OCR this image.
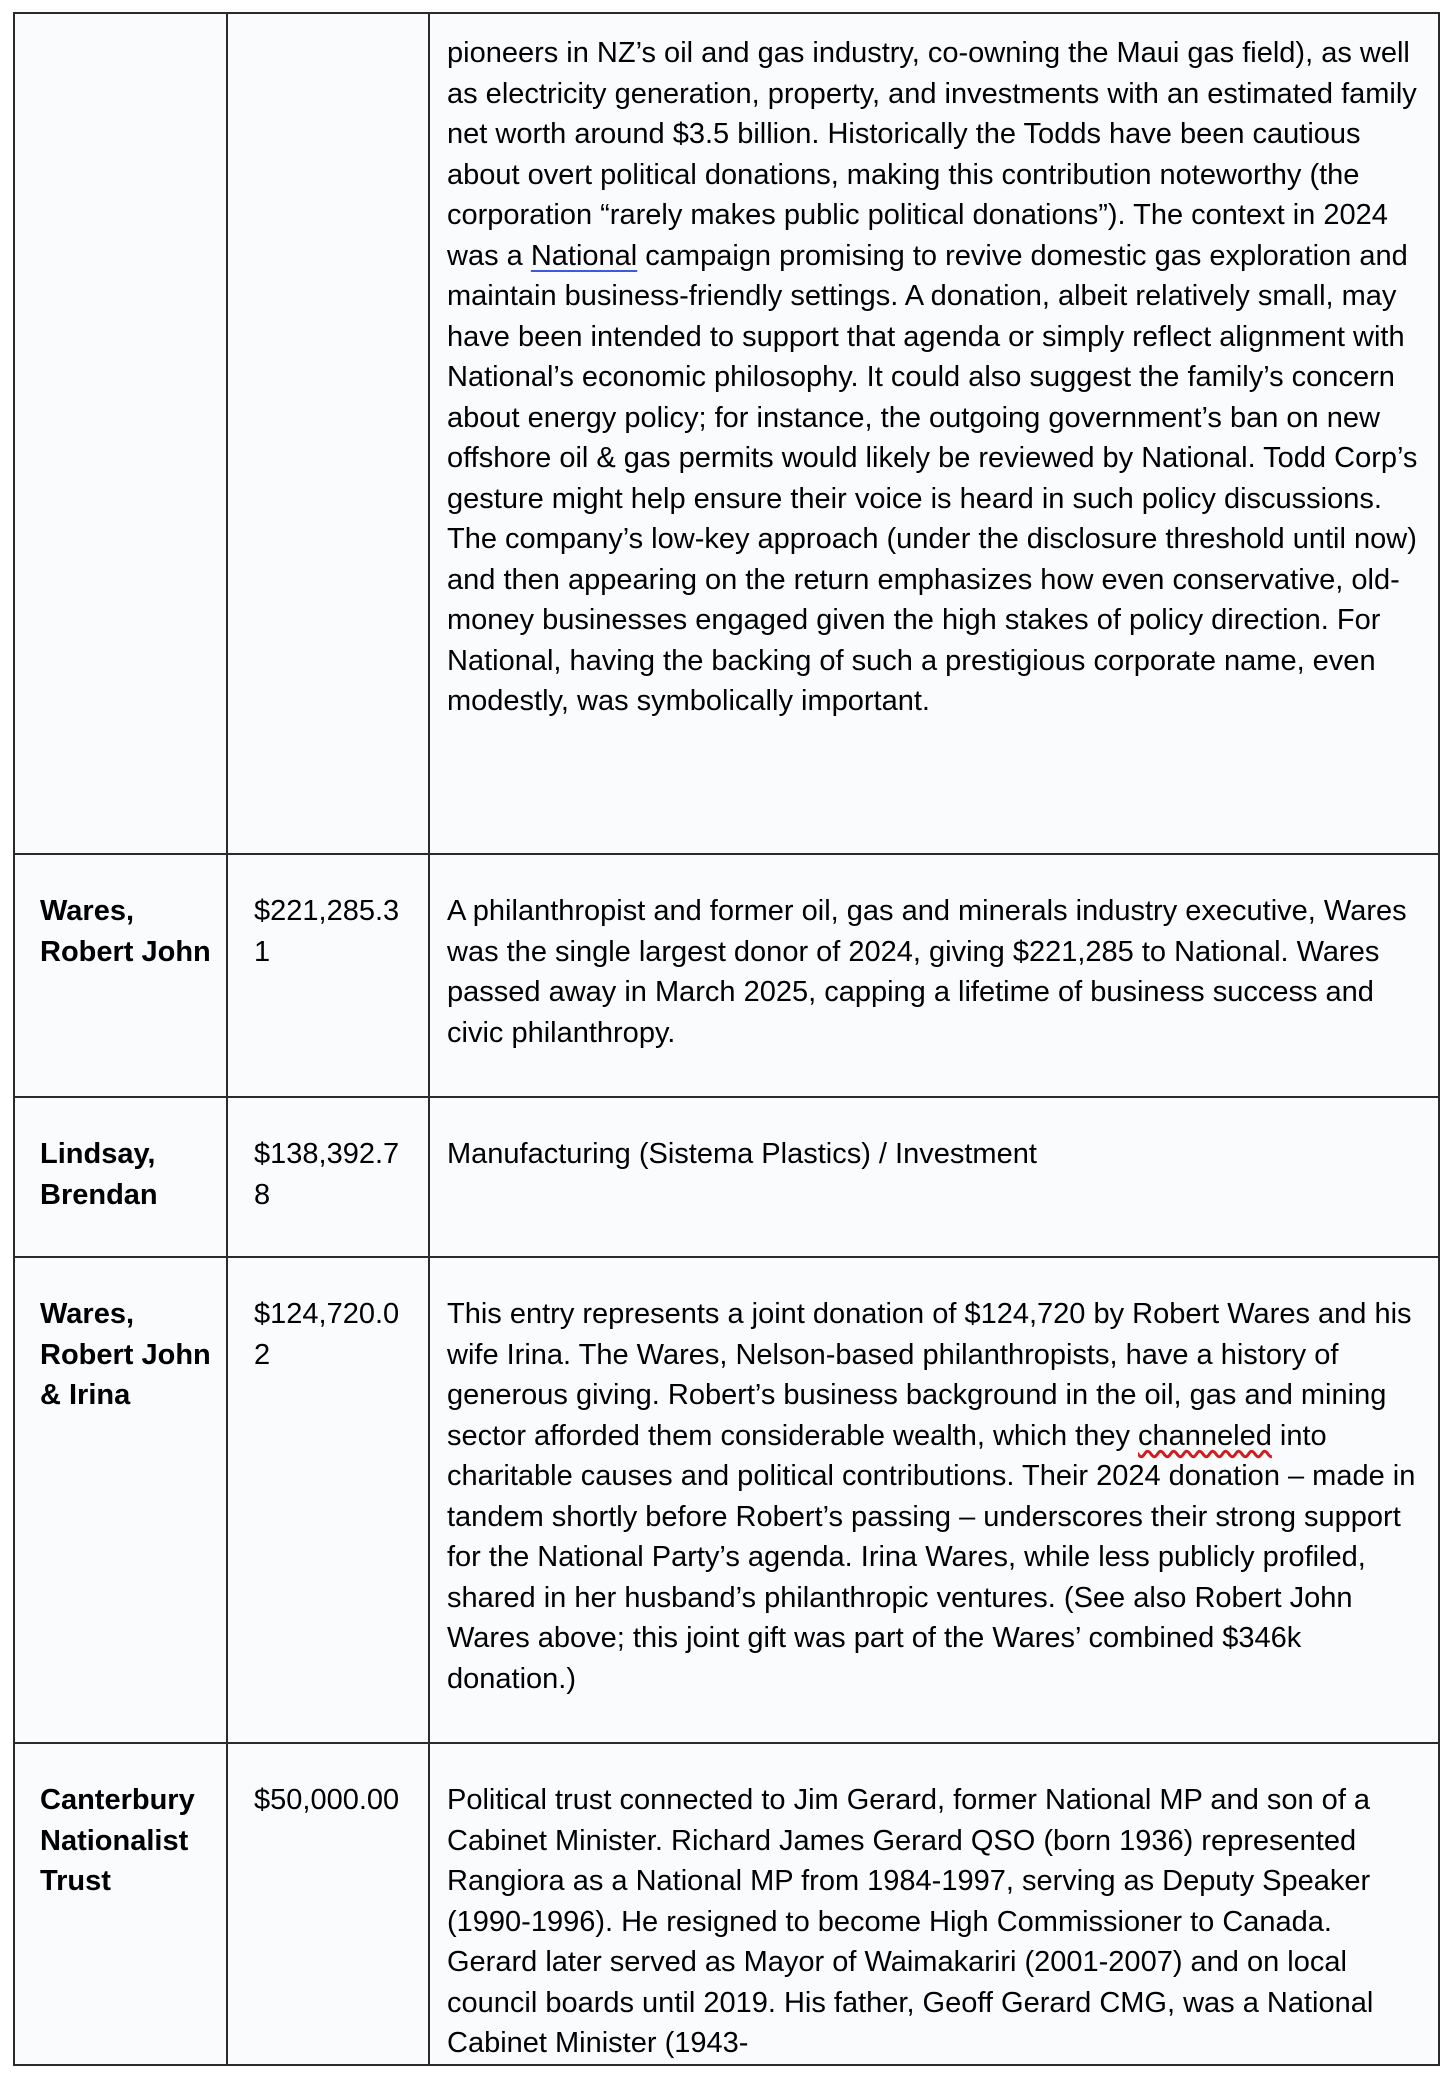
		pioneers in NZ’s oil and gas industry, co-owning the Maui gas field), as well as electricity generation, property, and investments with an estimated family net worth around $3.5 billion. Historically the Todds have been cautious about overt political donations, making this contribution noteworthy (the corporation “rarely makes public political donations”). The context in 2024 was a National campaign promising to revive domestic gas exploration and maintain business-friendly settings. A donation, albeit relatively small, may have been intended to support that agenda or simply reflect alignment with National’s economic philosophy. It could also suggest the family’s concern about energy policy; for instance, the outgoing government’s ban on new offshore oil & gas permits would likely be reviewed by National. Todd Corp’s gesture might help ensure their voice is heard in such policy discussions. The company’s low-key approach (under the disclosure threshold until now) and then appearing on the return emphasizes how even conservative, old-money businesses engaged given the high stakes of policy direction. For National, having the backing of such a prestigious corporate name, even modestly, was symbolically important.
Wares, Robert John	$221,285.31	A philanthropist and former oil, gas and minerals industry executive, Wares was the single largest donor of 2024, giving $221,285 to National. Wares passed away in March 2025, capping a lifetime of business success and civic philanthropy.
Lindsay, Brendan	$138,392.78	Manufacturing (Sistema Plastics) / Investment
Wares, Robert John & Irina	$124,720.02	This entry represents a joint donation of $124,720 by Robert Wares and his wife Irina. The Wares, Nelson-based philanthropists, have a history of generous giving. Robert’s business background in the oil, gas and mining sector afforded them considerable wealth, which they channeled into charitable causes and political contributions. Their 2024 donation – made in tandem shortly before Robert’s passing – underscores their strong support for the National Party’s agenda. Irina Wares, while less publicly profiled, shared in her husband’s philanthropic ventures. (See also Robert John Wares above; this joint gift was part of the Wares’ combined $346k donation.)
Canterbury Nationalist Trust	$50,000.00	Political trust connected to Jim Gerard, former National MP and son of a Cabinet Minister. Richard James Gerard QSO (born 1936) represented Rangiora as a National MP from 1984-1997, serving as Deputy Speaker (1990-1996). He resigned to become High Commissioner to Canada. Gerard later served as Mayor of Waimakariri (2001-2007) and on local council boards until 2019. His father, Geoff Gerard CMG, was a National Cabinet Minister (1943-
